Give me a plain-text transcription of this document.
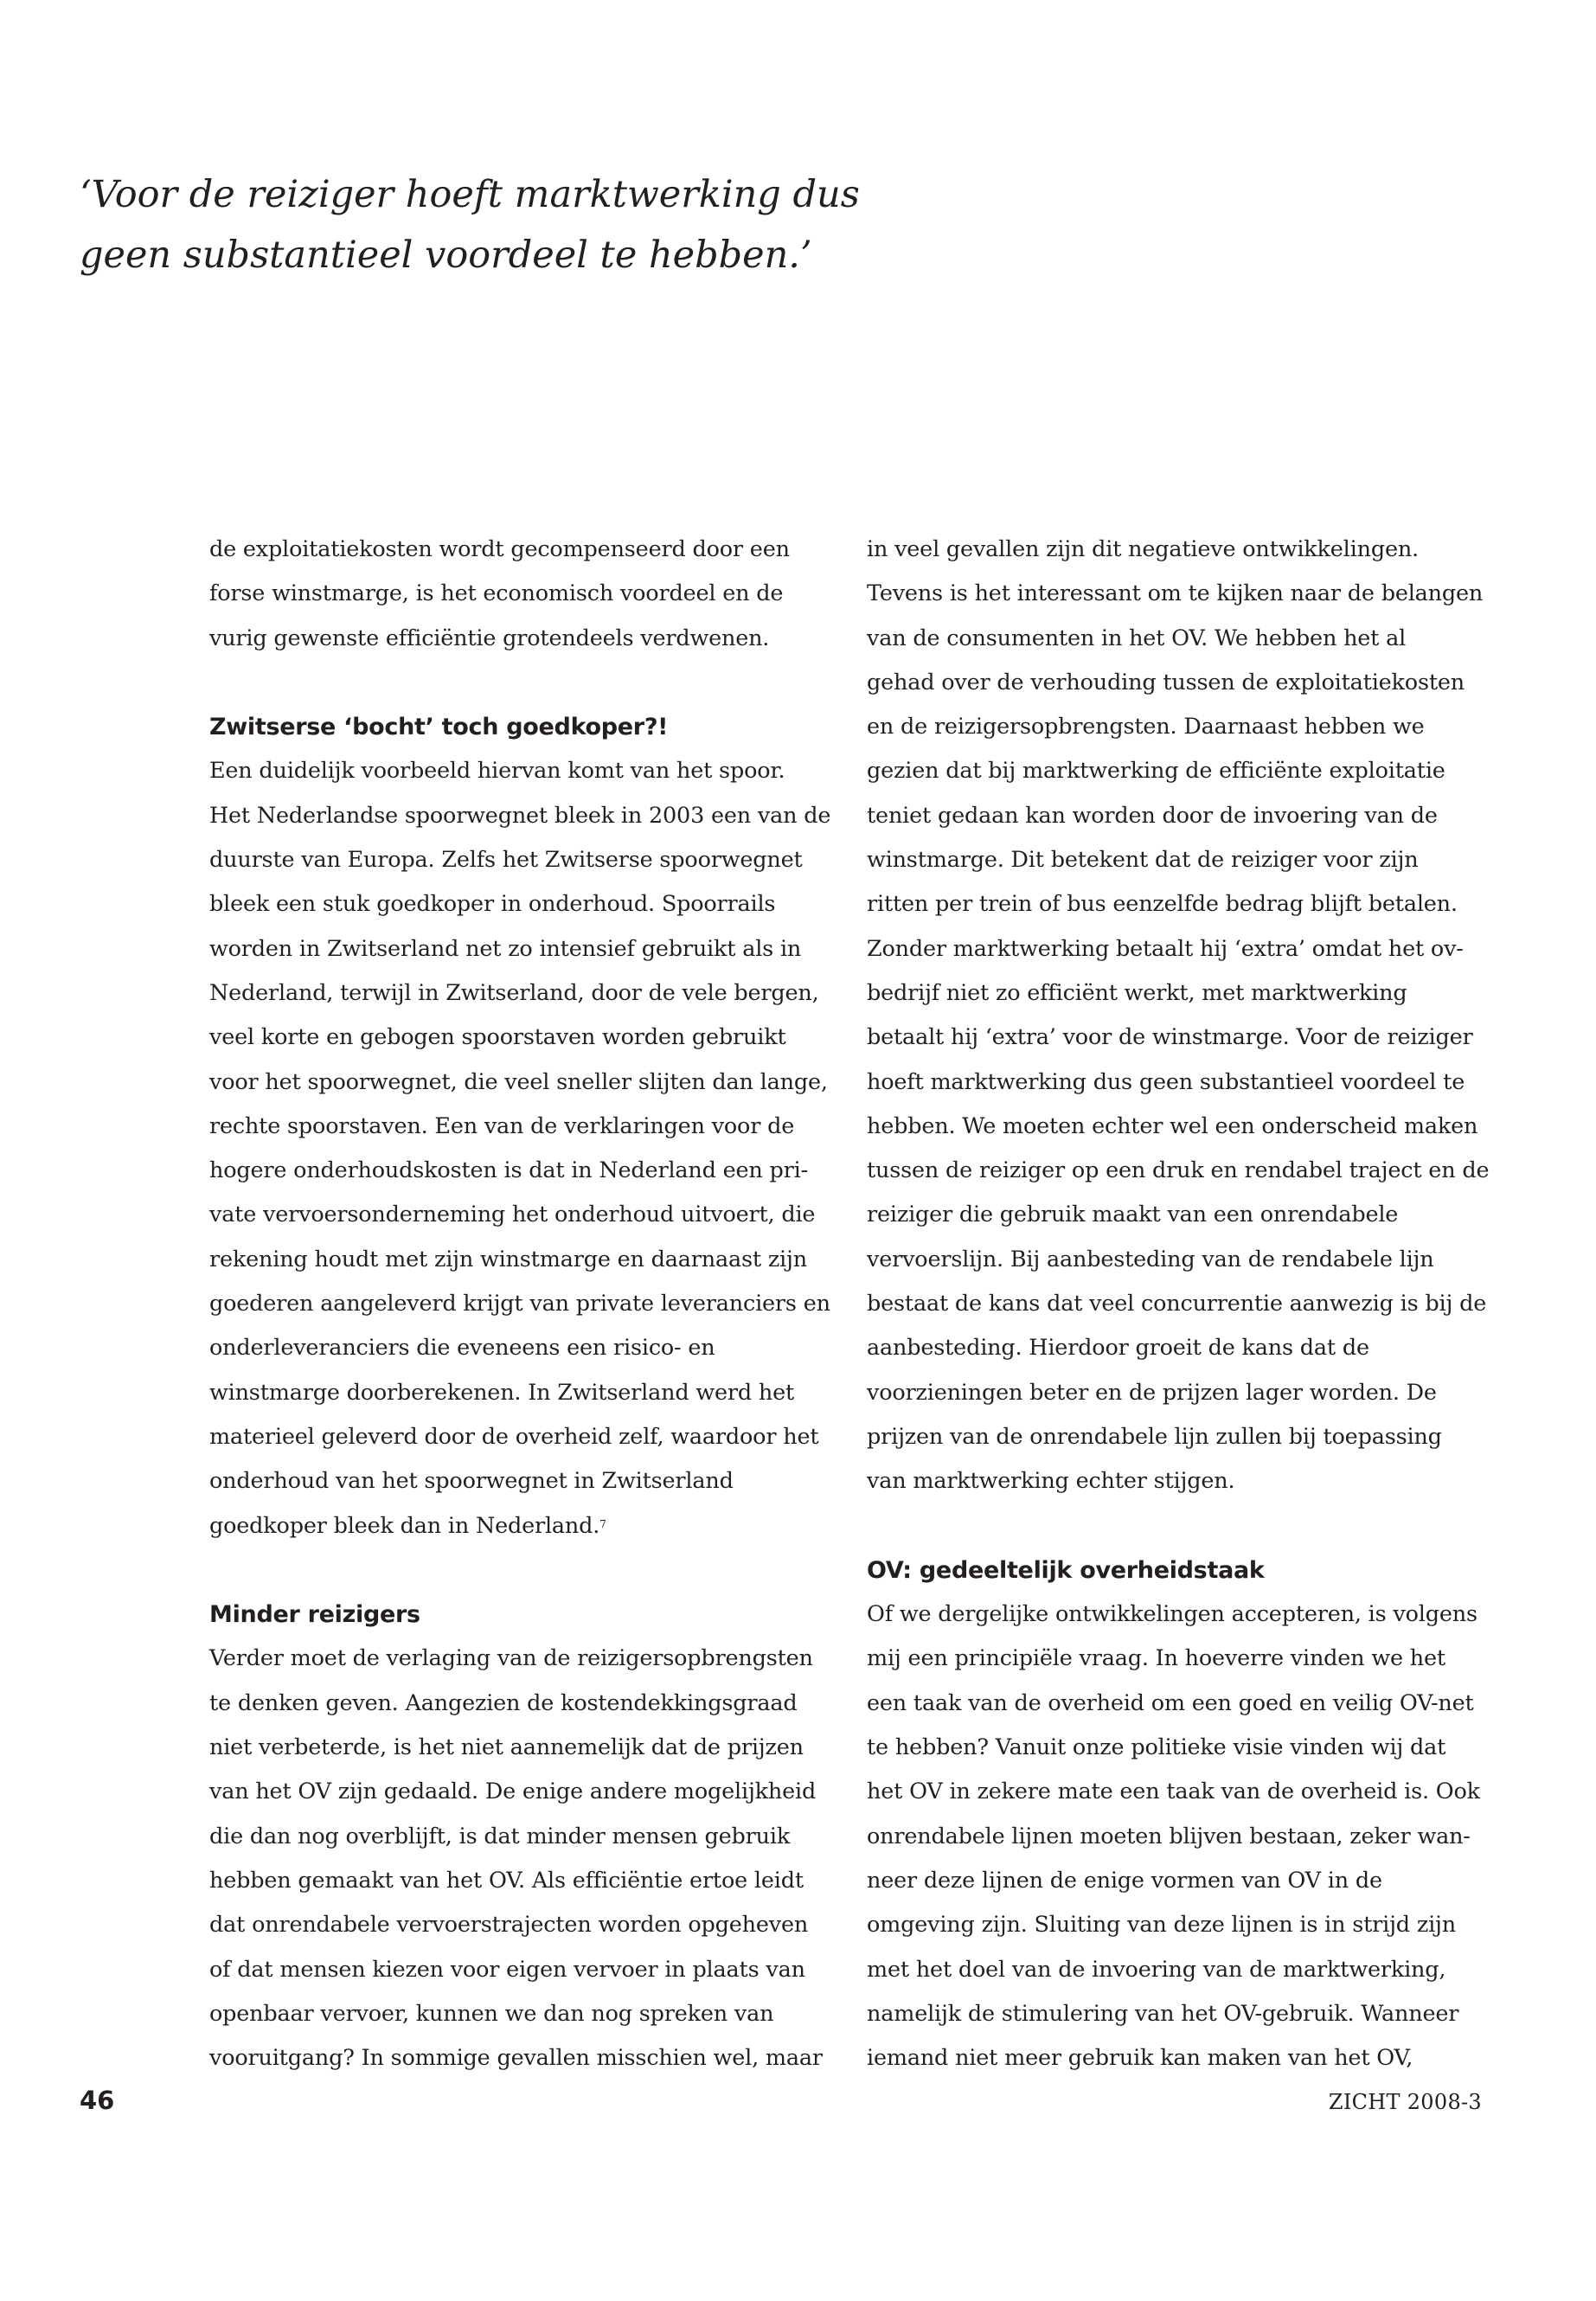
‘Voor de reiziger hoeft marktwerking dus
geen substantieel voordeel te hebben.’
de exploitatiekosten wordt gecompenseerd door een
forse winstmarge, is het economisch voordeel en de
vurig gewenste efficiëntie grotendeels verdwenen.
Zwitserse ‘bocht’ toch goedkoper?!
Een duidelijk voorbeeld hiervan komt van het spoor.
Het Nederlandse spoorwegnet bleek in 2003 een van de
duurste van Europa. Zelfs het Zwitserse spoorwegnet
bleek een stuk goedkoper in onderhoud. Spoorrails
worden in Zwitserland net zo intensief gebruikt als in
Nederland, terwijl in Zwitserland, door de vele bergen,
veel korte en gebogen spoorstaven worden gebruikt
voor het spoorwegnet, die veel sneller slijten dan lange,
rechte spoorstaven. Een van de verklaringen voor de
hogere onderhoudskosten is dat in Nederland een pri-
vate vervoersonderneming het onderhoud uitvoert, die
rekening houdt met zijn winstmarge en daarnaast zijn
goederen aangeleverd krijgt van private leveranciers en
onderleveranciers die eveneens een risico- en
winstmarge doorberekenen. In Zwitserland werd het
materieel geleverd door de overheid zelf, waardoor het
onderhoud van het spoorwegnet in Zwitserland
goedkoper bleek dan in Nederland.$^7$
Minder reizigers
Verder moet de verlaging van de reizigersopbrengsten
te denken geven. Aangezien de kostendekkingsgraad
niet verbeterde, is het niet aannemelijk dat de prijzen
van het OV zijn gedaald. De enige andere mogelijkheid
die dan nog overblijft, is dat minder mensen gebruik
hebben gemaakt van het OV. Als efficiëntie ertoe leidt
dat onrendabele vervoerstrajecten worden opgeheven
of dat mensen kiezen voor eigen vervoer in plaats van
openbaar vervoer, kunnen we dan nog spreken van
vooruitgang? In sommige gevallen misschien wel, maar
in veel gevallen zijn dit negatieve ontwikkelingen.
Tevens is het interessant om te kijken naar de belangen
van de consumenten in het OV. We hebben het al
gehad over de verhouding tussen de exploitatiekosten
en de reizigersopbrengsten. Daarnaast hebben we
gezien dat bij marktwerking de efficiënte exploitatie
teniet gedaan kan worden door de invoering van de
winstmarge. Dit betekent dat de reiziger voor zijn
ritten per trein of bus eenzelfde bedrag blijft betalen.
Zonder marktwerking betaalt hij ‘extra’ omdat het ov-
bedrijf niet zo efficiënt werkt, met marktwerking
betaalt hij ‘extra’ voor de winstmarge. Voor de reiziger
hoeft marktwerking dus geen substantieel voordeel te
hebben. We moeten echter wel een onderscheid maken
tussen de reiziger op een druk en rendabel traject en de
reiziger die gebruik maakt van een onrendabele
vervoerslijn. Bij aanbesteding van de rendabele lijn
bestaat de kans dat veel concurrentie aanwezig is bij de
aanbesteding. Hierdoor groeit de kans dat de
voorzieningen beter en de prijzen lager worden. De
prijzen van de onrendabele lijn zullen bij toepassing
van marktwerking echter stijgen.
OV: gedeeltelijk overheidstaak
Of we dergelijke ontwikkelingen accepteren, is volgens
mij een principiële vraag. In hoeverre vinden we het
een taak van de overheid om een goed en veilig OV-net
te hebben? Vanuit onze politieke visie vinden wij dat
het OV in zekere mate een taak van de overheid is. Ook
onrendabele lijnen moeten blijven bestaan, zeker wan-
neer deze lijnen de enige vormen van OV in de
omgeving zijn. Sluiting van deze lijnen is in strijd zijn
met het doel van de invoering van de marktwerking,
namelijk de stimulering van het OV-gebruik. Wanneer
iemand niet meer gebruik kan maken van het OV,
46	ZICHT 2008-3
